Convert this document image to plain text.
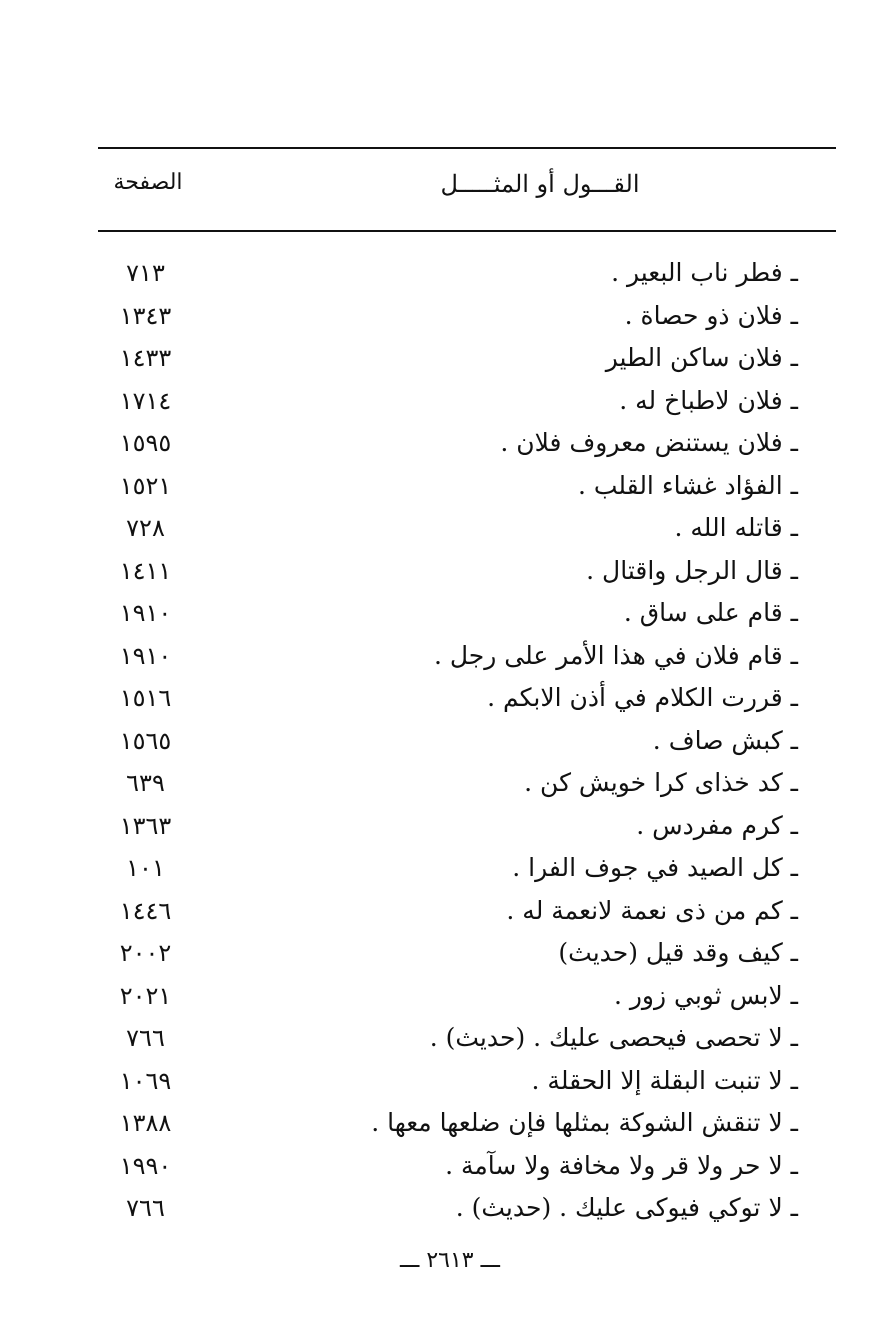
القـــول أو المثـــــل
الصفحة
ـ فطر ناب البعير .
٧١٣
ـ فلان ذو حصاة .
١٣٤٣
ـ فلان ساكن الطير
١٤٣٣
ـ فلان لاطباخ له .
١٧١٤
ـ فلان يستنض معروف فلان .
١٥٩٥
ـ الفؤاد غشاء القلب .
١٥٢١
ـ قاتله الله .
٧٢٨
ـ قال الرجل واقتال .
١٤١١
ـ قام على ساق .
١٩١٠
ـ قام فلان في هذا الأمر على رجل .
١٩١٠
ـ قررت الكلام في أذن الابكم .
١٥١٦
ـ كبش صاف .
١٥٦٥
ـ كد خذاى كرا خويش كن .
٦٣٩
ـ كرم مفردس .
١٣٦٣
ـ كل الصيد في جوف الفرا .
١٠١
ـ كم من ذى نعمة لانعمة له .
١٤٤٦
ـ كيف وقد قيل (حديث)
٢٠٠٢
ـ لابس ثوبي زور .
٢٠٢١
ـ لا تحصى فيحصى عليك . (حديث) .
٧٦٦
ـ لا تنبت البقلة إلا الحقلة .
١٠٦٩
ـ لا تنقش الشوكة بمثلها فإن ضلعها معها .
١٣٨٨
ـ لا حر ولا قر ولا مخافة ولا سآمة .
١٩٩٠
ـ لا توكي فيوكى عليك . (حديث) .
٧٦٦
ـــ ٢٦١٣ ـــ
